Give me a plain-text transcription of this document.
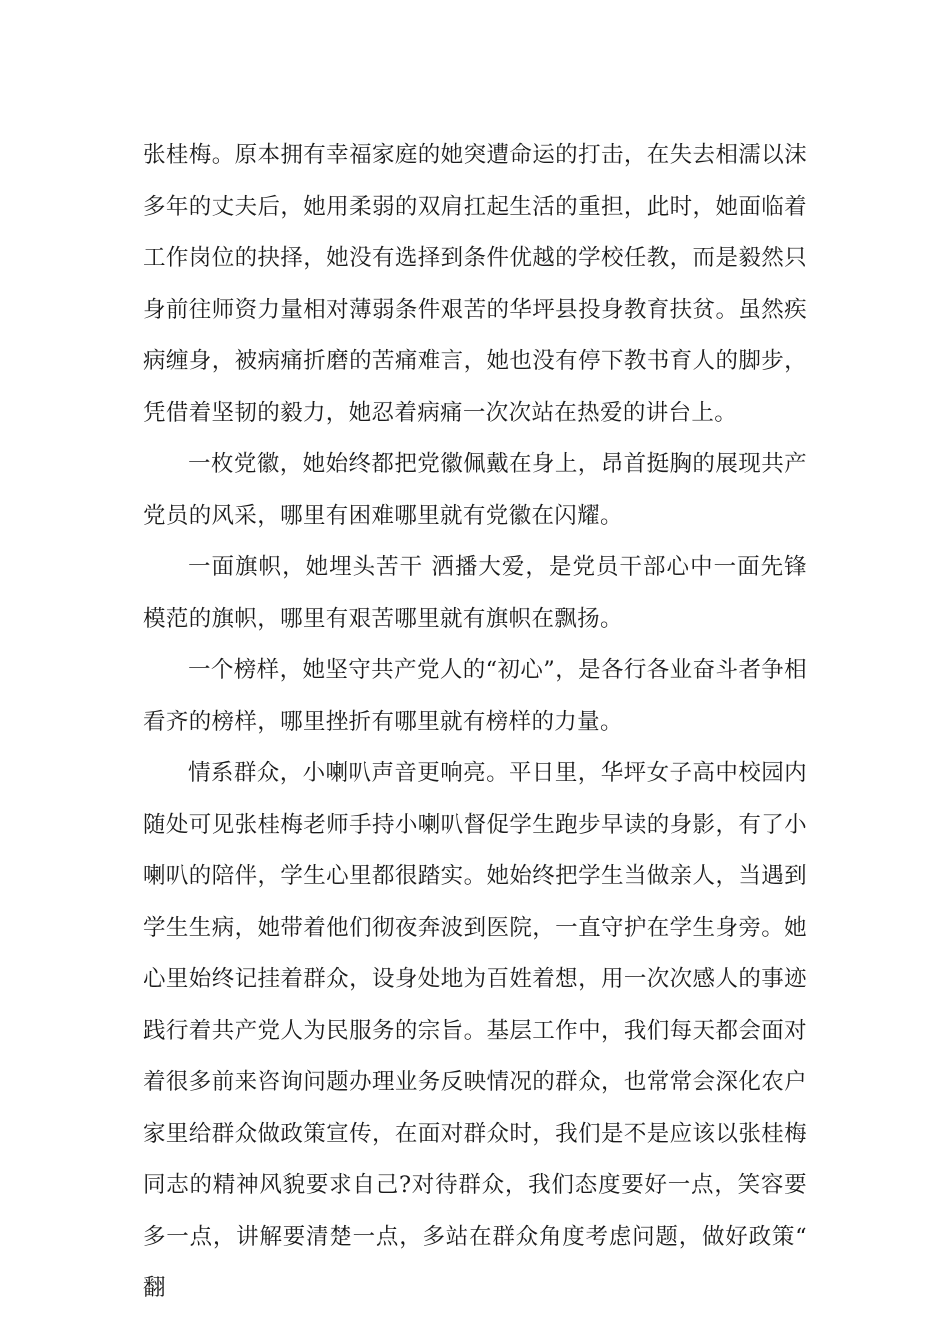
张桂梅。原本拥有幸福家庭的她突遭命运的打击，在失去相濡以沫多年的丈夫后，她用柔弱的双肩扛起生活的重担，此时，她面临着工作岗位的抉择，她没有选择到条件优越的学校任教，而是毅然只身前往师资力量相对薄弱条件艰苦的华坪县投身教育扶贫。虽然疾病缠身，被病痛折磨的苦痛难言，她也没有停下教书育人的脚步，凭借着坚韧的毅力，她忍着病痛一次次站在热爱的讲台上。

一枚党徽，她始终都把党徽佩戴在身上，昂首挺胸的展现共产党员的风采，哪里有困难哪里就有党徽在闪耀。

一面旗帜，她埋头苦干 洒播大爱，是党员干部心中一面先锋模范的旗帜，哪里有艰苦哪里就有旗帜在飘扬。

一个榜样，她坚守共产党人的“初心”，是各行各业奋斗者争相看齐的榜样，哪里挫折有哪里就有榜样的力量。

情系群众，小喇叭声音更响亮。平日里，华坪女子高中校园内随处可见张桂梅老师手持小喇叭督促学生跑步早读的身影，有了小喇叭的陪伴，学生心里都很踏实。她始终把学生当做亲人，当遇到学生生病，她带着他们彻夜奔波到医院，一直守护在学生身旁。她心里始终记挂着群众，设身处地为百姓着想，用一次次感人的事迹践行着共产党人为民服务的宗旨。基层工作中，我们每天都会面对着很多前来咨询问题办理业务反映情况的群众，也常常会深化农户家里给群众做政策宣传，在面对群众时，我们是不是应该以张桂梅同志的精神风貌要求自己?对待群众，我们态度要好一点，笑容要多一点，讲解要清楚一点，多站在群众角度考虑问题，做好政策“翻
